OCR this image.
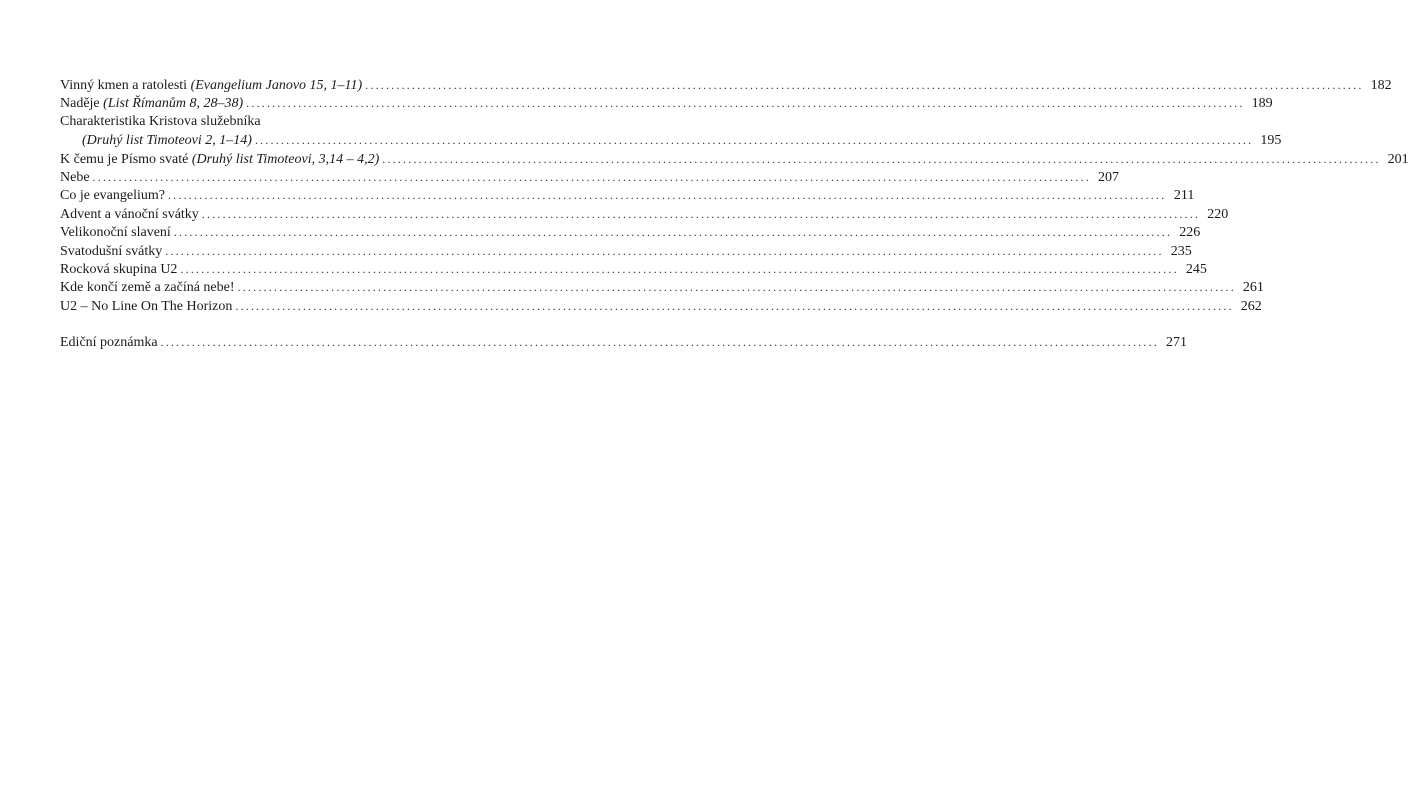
Vinný kmen a ratolesti (Evangelium Janovo 15, 1–11) .....	182
Naděje (List Římanům 8, 28–38) .....	189
Charakteristika Kristova služebníka
(Druhý list Timoteovi 2, 1–14) .....	195
K čemu je Písmo svaté (Druhý list Timoteovi, 3,14 – 4,2) .....	201
Nebe .....	207
Co je evangelium? .....	211
Advent a vánoční svátky .....	220
Velikonoční slavení .....	226
Svatodušní svátky .....	235
Rocková skupina U2 .....	245
Kde končí země a začíná nebe! .....	261
U2 – No Line On The Horizon .....	262
Ediční poznámka .....	271
